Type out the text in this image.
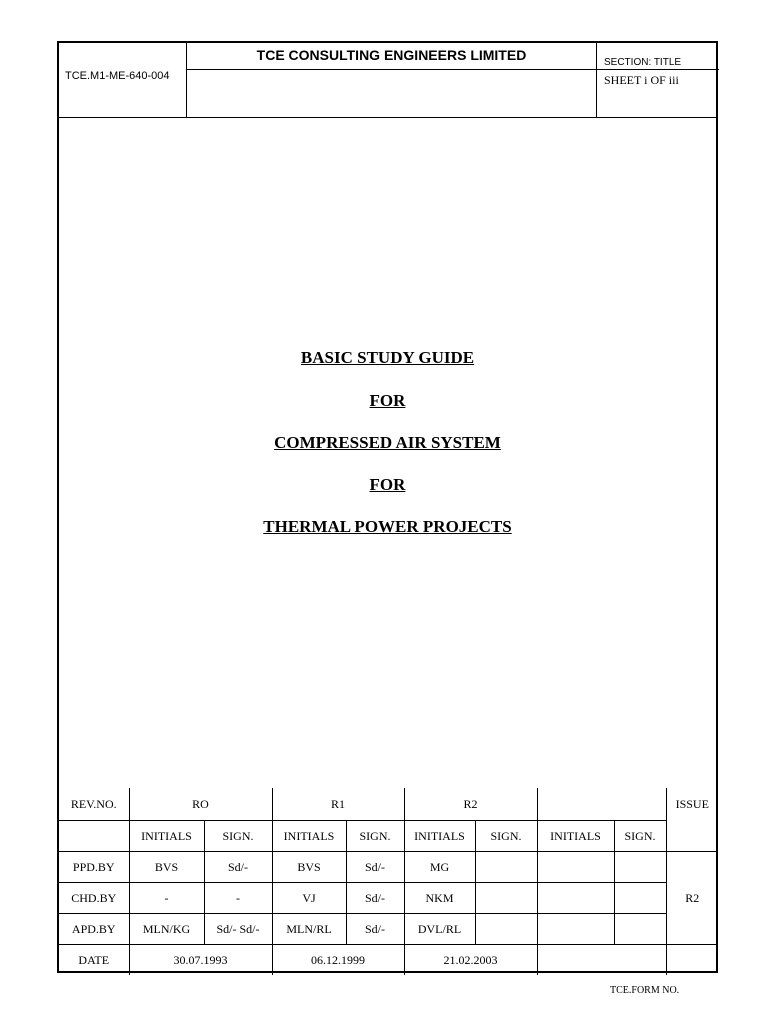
TCE CONSULTING ENGINEERS LIMITED
TCE.M1-ME-640-004
SECTION: TITLE
SHEET i OF iii
BASIC STUDY GUIDE
FOR
COMPRESSED AIR SYSTEM
FOR
THERMAL POWER PROJECTS
REV.NO.	RO		R1		R2				ISSUE
	INITIALS	SIGN.	INITIALS	SIGN.	INITIALS	SIGN.	INITIALS	SIGN.	
PPD.BY	BVS	Sd/-	BVS	Sd/-	MG				R2
CHD.BY	-	-	VJ	Sd/-	NKM				
APD.BY	MLN/KG	Sd/- Sd/-	MLN/RL	Sd/-	DVL/RL				
DATE	30.07.1993		06.12.1999		21.02.2003				
TCE.FORM NO.
